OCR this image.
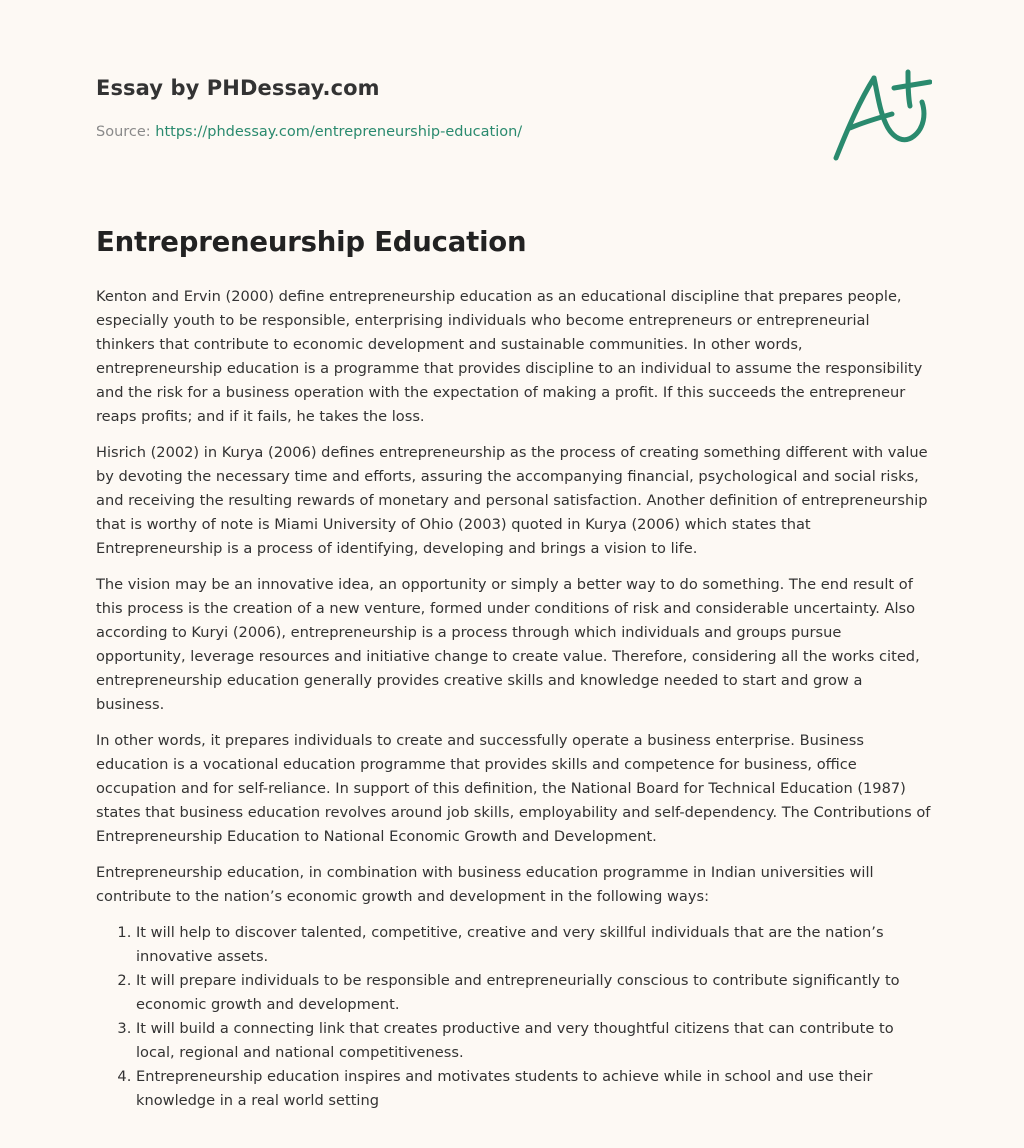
Essay by PHDessay.com
Source: https://phdessay.com/entrepreneurship-education/
Entrepreneurship Education

Kenton and Ervin (2000) define entrepreneurship education as an educational discipline that prepares people, especially youth to be responsible, enterprising individuals who become entrepreneurs or entrepreneurial thinkers that contribute to economic development and sustainable communities. In other words, entrepreneurship education is a programme that provides discipline to an individual to assume the responsibility and the risk for a business operation with the expectation of making a profit. If this succeeds the entrepreneur reaps profits; and if it fails, he takes the loss.

Hisrich (2002) in Kurya (2006) defines entrepreneurship as the process of creating something different with value by devoting the necessary time and efforts, assuring the accompanying financial, psychological and social risks, and receiving the resulting rewards of monetary and personal satisfaction. Another definition of entrepreneurship that is worthy of note is Miami University of Ohio (2003) quoted in Kurya (2006) which states that Entrepreneurship is a process of identifying, developing and brings a vision to life.

The vision may be an innovative idea, an opportunity or simply a better way to do something. The end result of this process is the creation of a new venture, formed under conditions of risk and considerable uncertainty. Also according to Kuryi (2006), entrepreneurship is a process through which individuals and groups pursue opportunity, leverage resources and initiative change to create value. Therefore, considering all the works cited, entrepreneurship education generally provides creative skills and knowledge needed to start and grow a business.

In other words, it prepares individuals to create and successfully operate a business enterprise. Business education is a vocational education programme that provides skills and competence for business, office occupation and for self-reliance. In support of this definition, the National Board for Technical Education (1987) states that business education revolves around job skills, employability and self-dependency. The Contributions of Entrepreneurship Education to National Economic Growth and Development.

Entrepreneurship education, in combination with business education programme in Indian universities will contribute to the nation’s economic growth and development in the following ways:

1. It will help to discover talented, competitive, creative and very skillful individuals that are the nation’s innovative assets.
2. It will prepare individuals to be responsible and entrepreneurially conscious to contribute significantly to economic growth and development.
3. It will build a connecting link that creates productive and very thoughtful citizens that can contribute to local, regional and national competitiveness.
4. Entrepreneurship education inspires and motivates students to achieve while in school and use their knowledge in a real world setting
